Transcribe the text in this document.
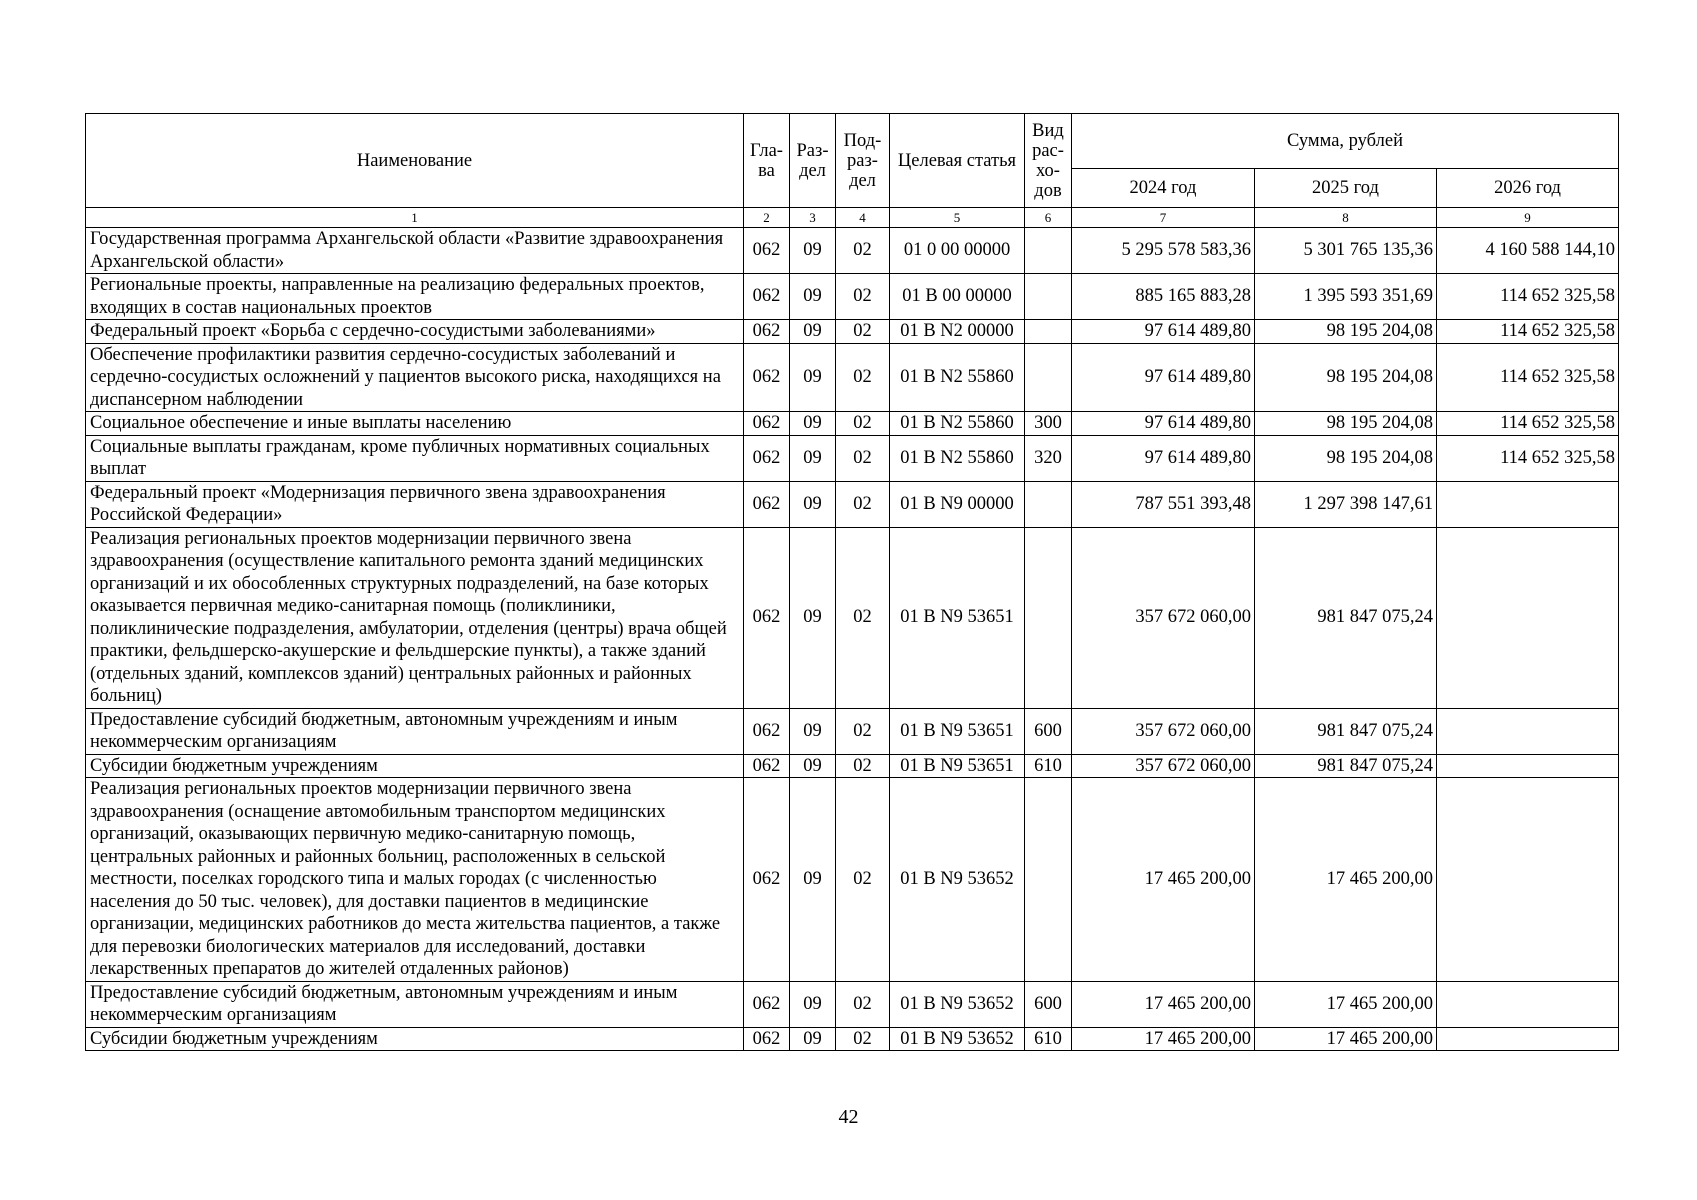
Наименование	Гла-ва	Раз-дел	Под-раз-дел	Целевая статья	Вид рас-хо-дов	Сумма, рублей		
						2024 год	2025 год	2026 год
1	2	3	4	5	6	7	8	9
Государственная программа Архангельской области «Развитие здравоохранения Архангельской области»	062	09	02	01 0 00 00000		5 295 578 583,36	5 301 765 135,36	4 160 588 144,10
Региональные проекты, направленные на реализацию федеральных проектов, входящих в состав национальных проектов	062	09	02	01 В 00 00000		885 165 883,28	1 395 593 351,69	114 652 325,58
Федеральный проект «Борьба с сердечно-сосудистыми заболеваниями»	062	09	02	01 В N2 00000		97 614 489,80	98 195 204,08	114 652 325,58
Обеспечение профилактики развития сердечно-сосудистых заболеваний и сердечно-сосудистых осложнений у пациентов высокого риска, находящихся на диспансерном наблюдении	062	09	02	01 В N2 55860		97 614 489,80	98 195 204,08	114 652 325,58
Социальное обеспечение и иные выплаты населению	062	09	02	01 В N2 55860	300	97 614 489,80	98 195 204,08	114 652 325,58
Социальные выплаты гражданам, кроме публичных нормативных социальных выплат	062	09	02	01 В N2 55860	320	97 614 489,80	98 195 204,08	114 652 325,58
Федеральный проект «Модернизация первичного звена здравоохранения Российской Федерации»	062	09	02	01 В N9 00000		787 551 393,48	1 297 398 147,61	
Реализация региональных проектов модернизации первичного звена здравоохранения (осуществление капитального ремонта зданий медицинских организаций и их обособленных структурных подразделений, на базе которых оказывается первичная медико-санитарная помощь (поликлиники, поликлинические подразделения, амбулатории, отделения (центры) врача общей практики, фельдшерско-акушерские и фельдшерские пункты), а также зданий (отдельных зданий, комплексов зданий) центральных районных и районных больниц)	062	09	02	01 В N9 53651		357 672 060,00	981 847 075,24	
Предоставление субсидий бюджетным, автономным учреждениям и иным некоммерческим организациям	062	09	02	01 В N9 53651	600	357 672 060,00	981 847 075,24	
Субсидии бюджетным учреждениям	062	09	02	01 В N9 53651	610	357 672 060,00	981 847 075,24	
Реализация региональных проектов модернизации первичного звена здравоохранения (оснащение автомобильным транспортом медицинских организаций, оказывающих первичную медико-санитарную помощь, центральных районных и районных больниц, расположенных в сельской местности, поселках городского типа и малых городах (с численностью населения до 50 тыс. человек), для доставки пациентов в медицинские организации, медицинских работников до места жительства пациентов, а также для перевозки биологических материалов для исследований, доставки лекарственных препаратов до жителей отдаленных районов)	062	09	02	01 В N9 53652		17 465 200,00	17 465 200,00	
Предоставление субсидий бюджетным, автономным учреждениям и иным некоммерческим организациям	062	09	02	01 В N9 53652	600	17 465 200,00	17 465 200,00	
Субсидии бюджетным учреждениям	062	09	02	01 В N9 53652	610	17 465 200,00	17 465 200,00	
42
